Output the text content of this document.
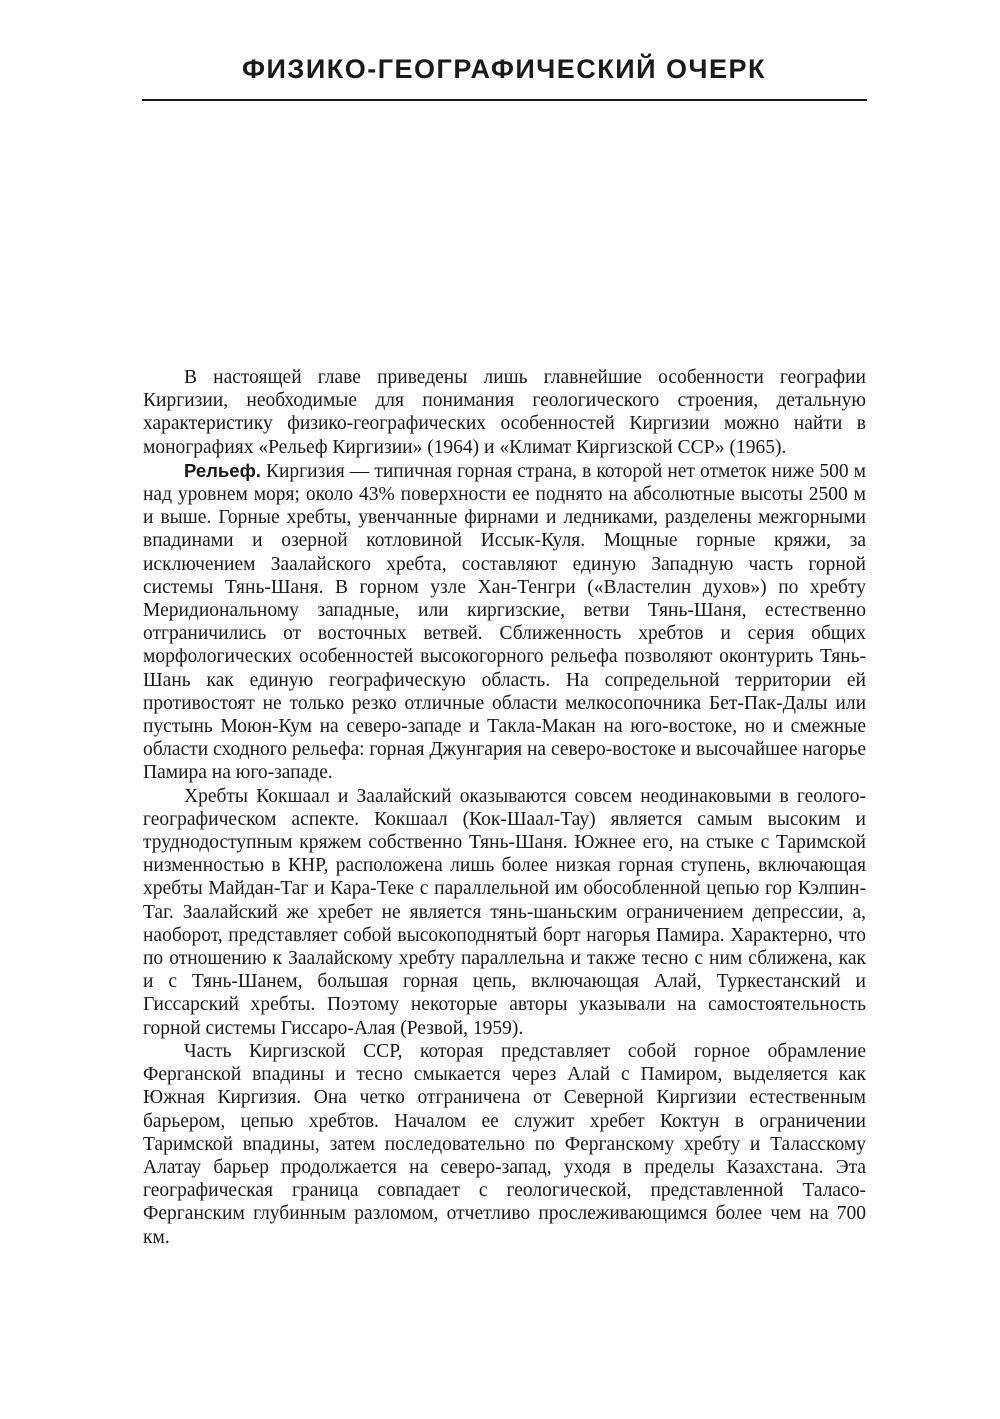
ФИЗИКО-ГЕОГРАФИЧЕСКИЙ ОЧЕРК

В настоящей главе приведены лишь главнейшие особенности географии Киргизии, необходимые для понимания геологического строения, детальную характеристику физико-географических особенностей Киргизии можно найти в монографиях «Рельеф Киргизии» (1964) и «Климат Киргизской ССР» (1965).

Рельеф. Киргизия — типичная горная страна, в которой нет отметок ниже 500 м над уровнем моря; около 43% поверхности ее поднято на абсолютные высоты 2500 м и выше. Горные хребты, увенчанные фирнами и ледниками, разделены межгорными впадинами и озерной котловиной Иссык-Куля. Мощные горные кряжи, за исключением Заалайского хребта, составляют единую Западную часть горной системы Тянь-Шаня. В горном узле Хан-Тенгри («Властелин духов») по хребту Меридиональному западные, или киргизские, ветви Тянь-Шаня, естественно отграничились от восточных ветвей. Сближенность хребтов и серия общих морфологических особенностей высокогорного рельефа позволяют оконтурить Тянь-Шань как единую географическую область. На сопредельной территории ей противостоят не только резко отличные области мелкосопочника Бет-Пак-Далы или пустынь Моюн-Кум на северо-западе и Такла-Макан на юго-востоке, но и смежные области сходного рельефа: горная Джунгария на северо-востоке и высочайшее нагорье Памира на юго-западе.

Хребты Кокшаал и Заалайский оказываются совсем неодинаковыми в геолого-географическом аспекте. Кокшаал (Кок-Шаал-Тау) является самым высоким и труднодоступным кряжем собственно Тянь-Шаня. Южнее его, на стыке с Таримской низменностью в КНР, расположена лишь более низкая горная ступень, включающая хребты Майдан-Таг и Кара-Теке с параллельной им обособленной цепью гор Кэлпин-Таг. Заалайский же хребет не является тянь-шаньским ограничением депрессии, а, наоборот, представляет собой высокоподнятый борт нагорья Памира. Характерно, что по отношению к Заалайскому хребту параллельна и также тесно с ним сближена, как и с Тянь-Шанем, большая горная цепь, включающая Алай, Туркестанский и Гиссарский хребты. Поэтому некоторые авторы указывали на самостоятельность горной системы Гиссаро-Алая (Резвой, 1959).

Часть Киргизской ССР, которая представляет собой горное обрамление Ферганской впадины и тесно смыкается через Алай с Памиром, выделяется как Южная Киргизия. Она четко отграничена от Северной Киргизии естественным барьером, цепью хребтов. Началом ее служит хребет Коктун в ограничении Таримской впадины, затем последовательно по Ферганскому хребту и Таласскому Алатау барьер продолжается на северо-запад, уходя в пределы Казахстана. Эта географическая граница совпадает с геологической, представленной Таласо-Ферганским глубинным разломом, отчетливо прослеживающимся более чем на 700 км.
